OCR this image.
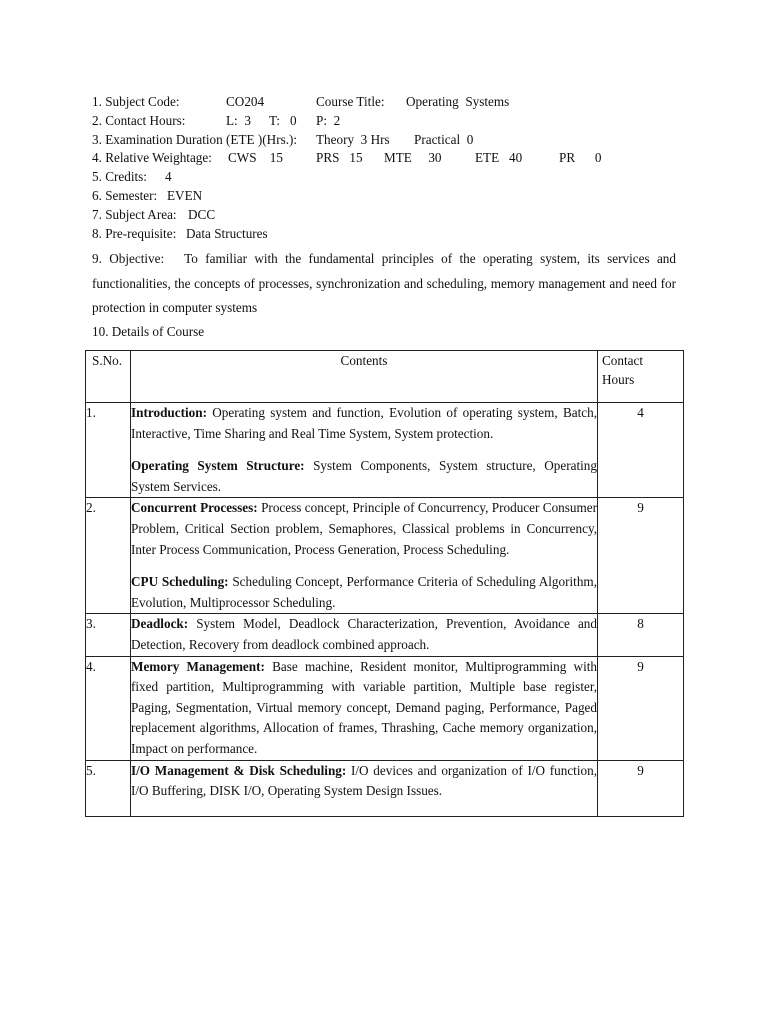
1. Subject Code:	CO204	Course Title: Operating  Systems
2. Contact Hours:	L:  3 T:   0 P:  2
3. Examination Duration (ETE )(Hrs.): Theory  3 Hrs Practical  0
4. Relative Weightage: CWS    15	PRS   15 MTE     30	ETE   40	PR      0
5. Credits: 4
6. Semester: EVEN
7. Subject Area: DCC
8. Pre-requisite: Data Structures
9. Objective: To familiar with the fundamental principles of the operating system, its services and functionalities, the concepts of processes, synchronization and scheduling, memory management and need for protection in computer systems
10. Details of Course
S.No.	Contents	Contact
Hours

1.	Introduction: Operating system and function, Evolution of operating system, Batch, Interactive, Time Sharing and Real Time System, System protection.

Operating System Structure: System Components, System structure, Operating System Services.	4
2.	Concurrent Processes: Process concept, Principle of Concurrency, Producer Consumer Problem, Critical Section problem, Semaphores, Classical problems in Concurrency, Inter Process Communication, Process Generation, Process Scheduling.

CPU Scheduling: Scheduling Concept, Performance Criteria of Scheduling Algorithm, Evolution, Multiprocessor Scheduling.	9
3.	Deadlock: System Model, Deadlock Characterization, Prevention, Avoidance and Detection, Recovery from deadlock combined approach.	8
4.	Memory Management: Base machine, Resident monitor, Multiprogramming with fixed partition, Multiprogramming with variable partition, Multiple base register, Paging, Segmentation, Virtual memory concept, Demand paging, Performance, Paged replacement algorithms, Allocation of frames, Thrashing, Cache memory organization, Impact on performance.	9
5.	I/O Management & Disk Scheduling: I/O devices and organization of I/O function, I/O Buffering, DISK I/O, Operating System Design Issues.	9
